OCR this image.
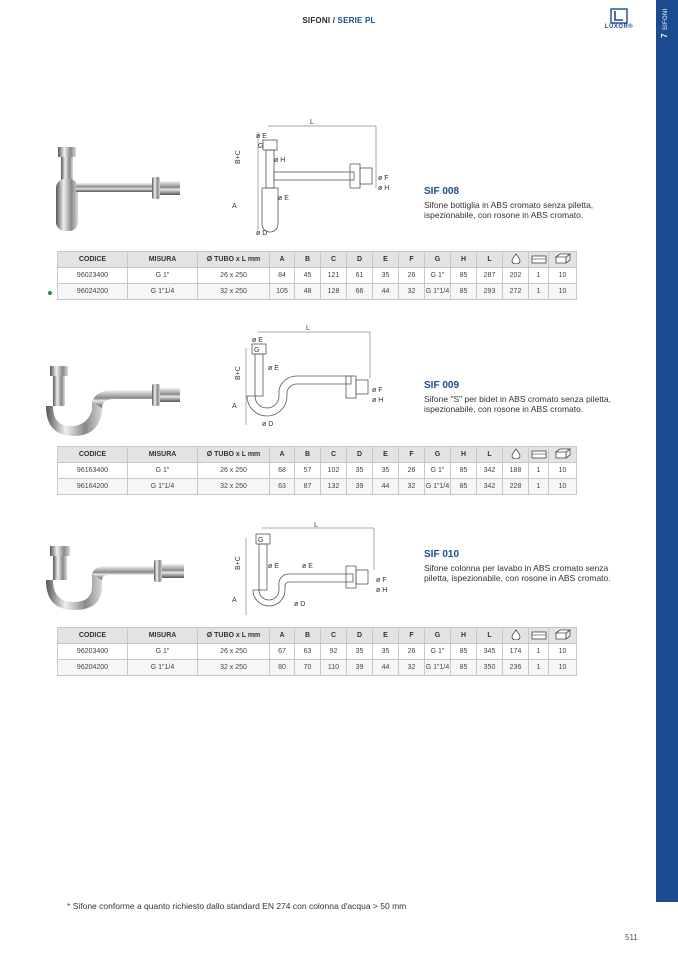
SIFONI / SERIE PL
LUXOR®
7SIFONI
L
ø E
G
ø H
ø E
ø D
ø F
ø H
B+C
A
SIF 008
Sifone bottiglia in ABS cromato senza piletta, ispezionabile, con rosone in ABS cromato.
CODICE	MISURA	Ø TUBO x L mm	A	B	C	D	E	F	G	H	L			
96023400	G 1"	26 x 250	84	45	121	61	35	26	G 1"	85	287	202	1	10
96024200	G 1"1/4	32 x 250	105	48	128	66	44	32	G 1"1/4	85	293	272	1	10
L
ø E
G
ø E
ø D
ø F
ø H
B+C
A
SIF 009
Sifone "S" per bidet in ABS cromato senza piletta, ispezionabile, con rosone in ABS cromato.
CODICE	MISURA	Ø TUBO x L mm	A	B	C	D	E	F	G	H	L			
96163400	G 1"	26 x 250	68	57	102	35	35	26	G 1"	85	342	188	1	10
96164200	G 1"1/4	32 x 250	63	87	132	39	44	32	G 1"1/4	85	342	228	1	10
L
G
ø E	ø E
ø D
ø F
ø H
B+C
A
SIF 010
Sifone colonna per lavabo in ABS cromato senza piletta, ispezionabile, con rosone in ABS cromato.
CODICE	MISURA	Ø TUBO x L mm	A	B	C	D	E	F	G	H	L			
96203400	G 1"	26 x 250	67	63	92	35	35	26	G 1"	85	345	174	1	10
96204200	G 1"1/4	32 x 250	80	70	110	39	44	32	G 1"1/4	85	350	236	1	10
* Sifone conforme a quanto richiesto dallo standard EN 274 con colonna d'acqua > 50 mm
511
